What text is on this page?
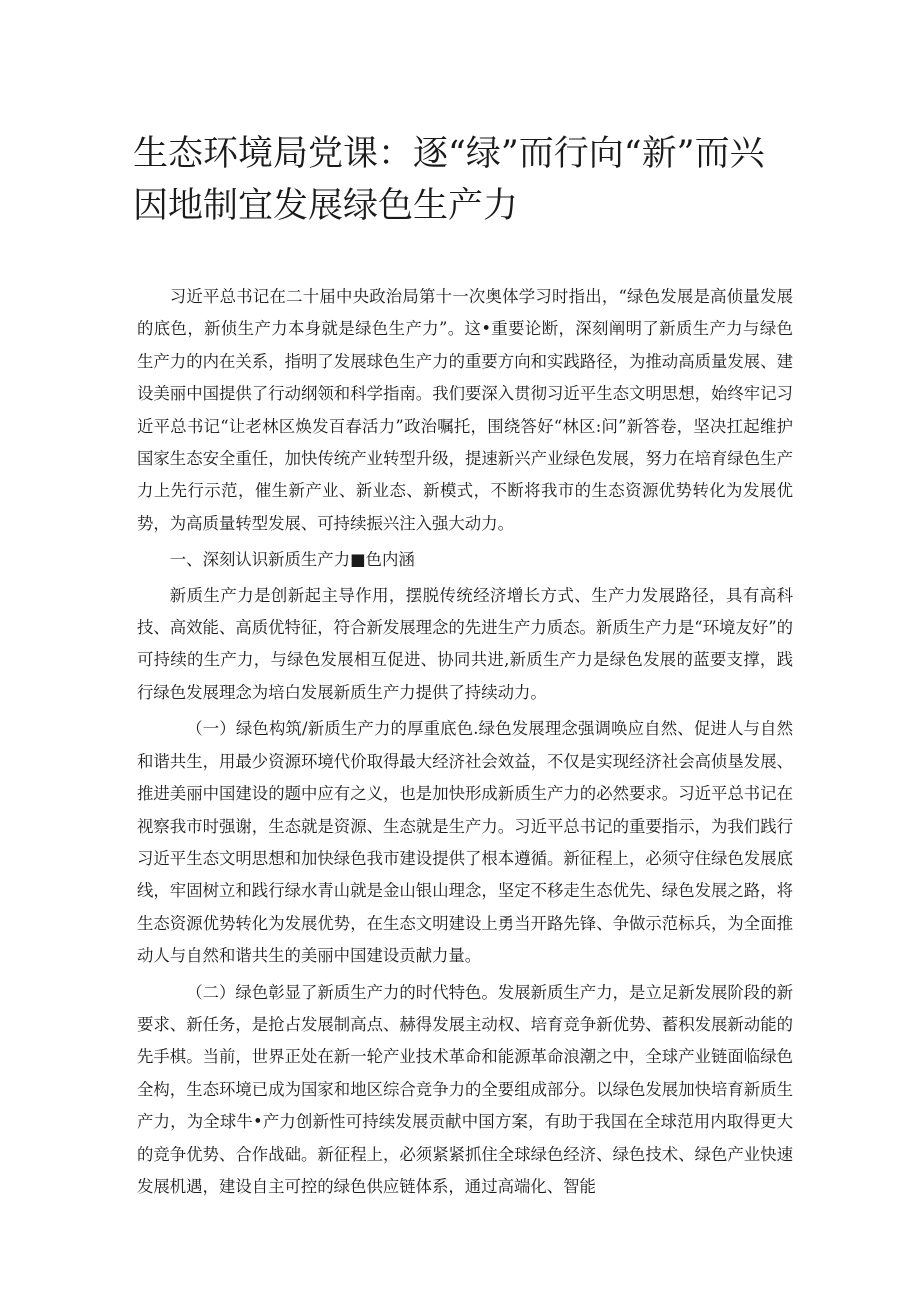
生态环境局党课：逐“绿”而行向“新”而兴因地制宜发展绿色生产力

习近平总书记在二十届中央政治局第十一次奥体学习时指出，“绿色发展是高侦量发展的底色，新侦生产力本身就是绿色生产力”。这•重要论断，深刻阐明了新质生产力与绿色生产力的内在关系，指明了发展球色生产力的重要方向和实践路径，为推动高质量发展、建设美丽中国提供了行动纲领和科学指南。我们要深入贯彻习近平生态文明思想，始终牢记习近平总书记“让老林区焕发百春活力”政治嘱托，围绕答好“林区:问”新答卷，坚决扛起维护国家生态安全重任，加快传统产业转型升级，提速新兴产业绿色发展，努力在培育绿色生产力上先行示范，催生新产业、新业态、新模式，不断将我市的生态资源优势转化为发展优势，为高质量转型发展、可持续振兴注入强大动力。

一、深刻认识新质生产力■色内涵

新质生产力是创新起主导作用，摆脱传统经济增长方式、生产力发展路径，具有高科技、高效能、高质优特征，符合新发展理念的先进生产力质态。新质生产力是“环境友好”的可持续的生产力，与绿色发展相互促进、协同共进,新质生产力是绿色发展的蓝要支撑，践行绿色发展理念为培白发展新质生产力提供了持续动力。

（一）绿色构筑/新质生产力的厚重底色.绿色发展理念强调唤应自然、促进人与自然和谐共生，用最少资源环境代价取得最大经济社会效益，不仅是实现经济社会高侦垦发展、推进美丽中国建设的题中应有之义，也是加快形成新质生产力的必然要求。习近平总书记在视察我市时强谢，生态就是资源、生态就是生产力。习近平总书记的重要指示，为我们践行习近平生态文明思想和加快绿色我市建设提供了根本遵循。新征程上，必须守住绿色发展底线，牢固树立和践行绿水青山就是金山银山理念，坚定不移走生态优先、绿色发展之路，将生态资源优势转化为发展优势，在生态文明建设上勇当开路先锋、争做示范标兵，为全面推动人与自然和谐共生的美丽中国建设贡献力量。

（二）绿色彰显了新质生产力的时代特色。发展新质生产力，是立足新发展阶段的新要求、新任务，是抢占发展制高点、赫得发展主动权、培育竞争新优势、蓄积发展新动能的先手棋。当前，世界正处在新一轮产业技术革命和能源革命浪潮之中，全球产业链面临绿色全构，生态环境已成为国家和地区综合竞争力的全要组成部分。以绿色发展加快培育新质生产力，为全球牛•产力创新性可持续发展贡献中国方案，有助于我国在全球范用内取得更大的竞争优势、合作战础。新征程上，必须紧紧抓住全球绿色经济、绿色技术、绿色产业快速发展机遇，建设自主可控的绿色供应链体系，通过高端化、智能
